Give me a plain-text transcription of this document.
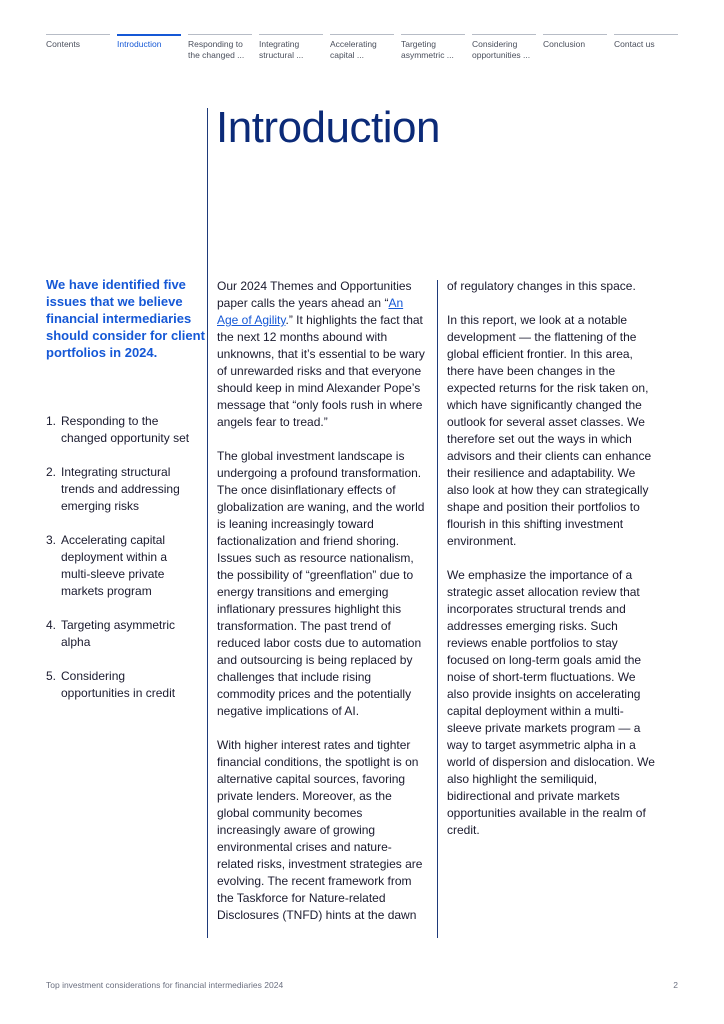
Contents	Introduction	Responding to
the changed ...
Integrating
structural ...
Accelerating
capital ...
Targeting
asymmetric ...
Considering
opportunities ...
Conclusion	Contact us
Introduction

We have identified five issues that we believe financial intermediaries should consider for client portfolios in 2024.

1. Responding to the changed opportunity set
2. Integrating structural trends and addressing emerging risks
3. Accelerating capital deployment within a multi-sleeve private markets program
4. Targeting asymmetric alpha
5. Considering opportunities in credit

Our 2024 Themes and Opportunities paper calls the years ahead an “An Age of Agility.” It highlights the fact that the next 12 months abound with unknowns, that it’s essential to be wary of unrewarded risks and that everyone should keep in mind Alexander Pope’s message that “only fools rush in where angels fear to tread.”

The global investment landscape is undergoing a profound transformation. The once disinflationary effects of globalization are waning, and the world is leaning increasingly toward factionalization and friend shoring. Issues such as resource nationalism, the possibility of “greenflation” due to energy transitions and emerging inflationary pressures highlight this transformation. The past trend of reduced labor costs due to automation and outsourcing is being replaced by challenges that include rising commodity prices and the potentially negative implications of AI.

With higher interest rates and tighter financial conditions, the spotlight is on alternative capital sources, favoring private lenders. Moreover, as the global community becomes increasingly aware of growing environmental crises and nature-related risks, investment strategies are evolving. The recent framework from the Taskforce for Nature-related Disclosures (TNFD) hints at the dawn

of regulatory changes in this space.

In this report, we look at a notable development — the flattening of the global efficient frontier. In this area, there have been changes in the expected returns for the risk taken on, which have significantly changed the outlook for several asset classes. We therefore set out the ways in which advisors and their clients can enhance their resilience and adaptability. We also look at how they can strategically shape and position their portfolios to flourish in this shifting investment environment.

We emphasize the importance of a strategic asset allocation review that incorporates structural trends and addresses emerging risks. Such reviews enable portfolios to stay focused on long-term goals amid the noise of short-term fluctuations. We also provide insights on accelerating capital deployment within a multi-sleeve private markets program — a way to target asymmetric alpha in a world of dispersion and dislocation. We also highlight the semiliquid, bidirectional and private markets opportunities available in the realm of credit.

Top investment considerations for financial intermediaries 2024	2
